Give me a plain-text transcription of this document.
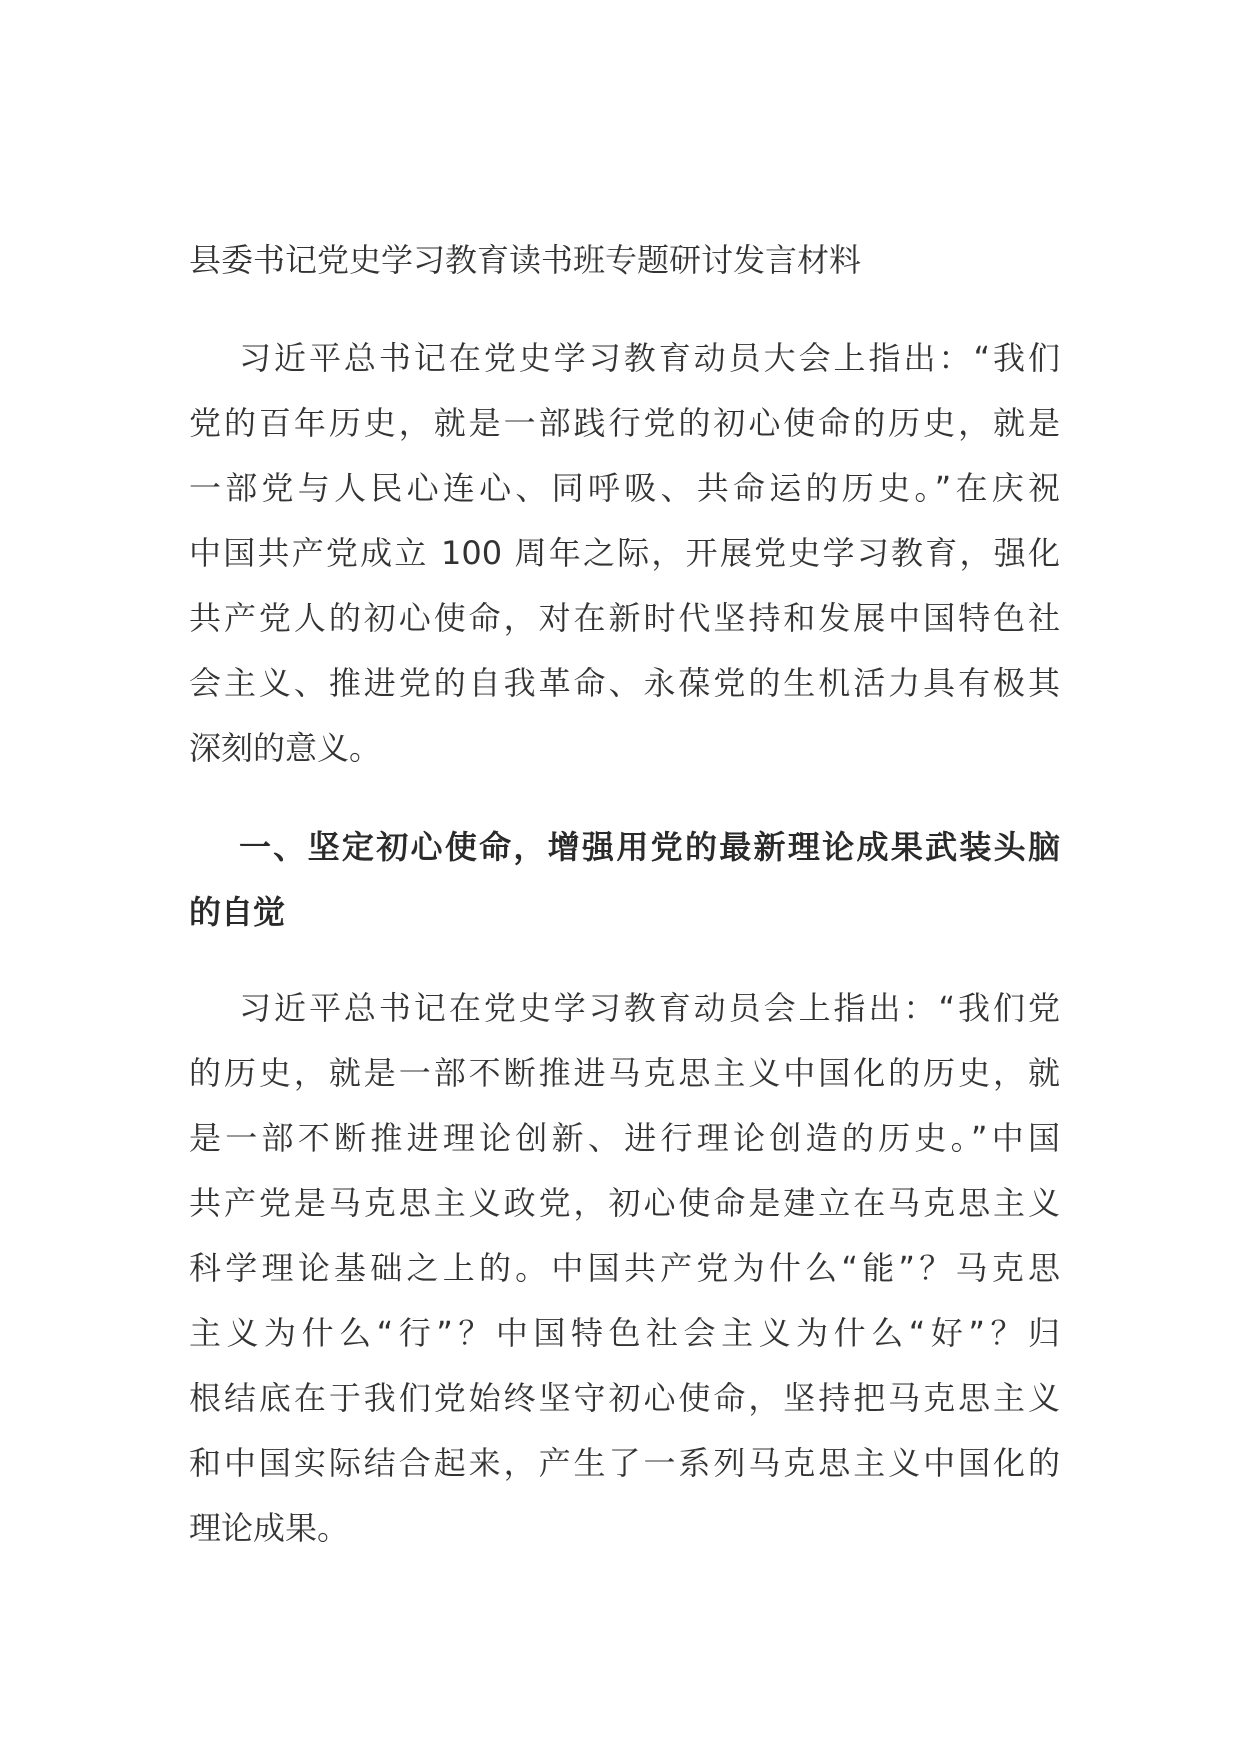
县委书记党史学习教育读书班专题研讨发言材料
习近平总书记在党史学习教育动员大会上指出：“我们
党的百年历史，就是一部践行党的初心使命的历史，就是
一部党与人民心连心、同呼吸、共命运的历史。”在庆祝
中国共产党成立 100 周年之际，开展党史学习教育，强化
共产党人的初心使命，对在新时代坚持和发展中国特色社
会主义、推进党的自我革命、永葆党的生机活力具有极其
深刻的意义。
一、坚定初心使命，增强用党的最新理论成果武装头脑
的自觉
习近平总书记在党史学习教育动员会上指出：“我们党
的历史，就是一部不断推进马克思主义中国化的历史，就
是一部不断推进理论创新、进行理论创造的历史。”中国
共产党是马克思主义政党，初心使命是建立在马克思主义
科学理论基础之上的。中国共产党为什么“能”？马克思
主义为什么“行”？中国特色社会主义为什么“好”？归
根结底在于我们党始终坚守初心使命，坚持把马克思主义
和中国实际结合起来，产生了一系列马克思主义中国化的
理论成果。
